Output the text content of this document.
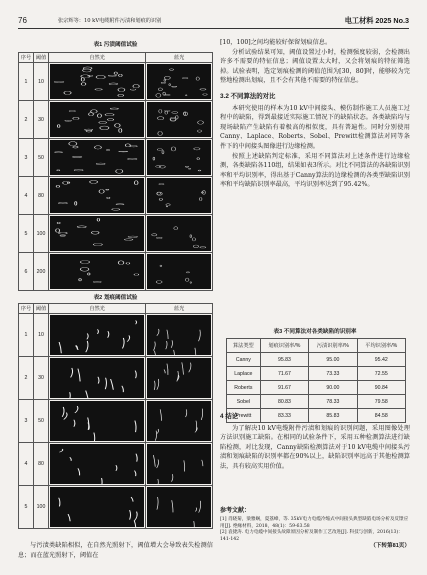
76	张宗辉等：10 kV电缆附件污渍和划痕的识别	电工材料 2025 No.3
表1 污渍阈值试验
序号	阈值	自然光	蓝光
1	10	

2	30	

3	50	

4	80	

5	100	

6	200	

表2 划痕阈值试验
序号	阈值	自然光	蓝光
1	10	

2	30	

3	50	

4	80	

5	100	

与污渍类缺陷相似，在自然光照射下，阈值增大会导致表失检测信息；而在蓝光照射下，阈值在

[10，100]之间均能较好保留划痕信息。

分析试验结果可知，阈值设置过小时，检测强度较弱，会检测出许多不需要的特征信息；阈值设置太大时，又会将划痕的特征筛选掉。试验表明，选定划痕检测的阈值范围为[30，80]时，能够较为完整地检测出划痕，且不会有其他不需要的特征信息。

3.2 不同算法的对比

本研究使用的样本为10 kV中间接头、模仿制作施工人员施工过程中的缺陷，得到最接近实际施工情况下的缺陷状态。各类缺陷均与现场缺陷产生缺陷有着极高的相似度，具有普遍性。同时分别使用Canny、Laplace、Roberts、Sobel、Prewitt检测算法对同等条件下的中间接头图像进行边缘检测。

按照上述缺陷判定标准，采用不同算法对上述条件进行边缘检测，各类缺陷各110组，结果如表3所示。对比不同算法的各缺陷识别率和平均识别率，得出基于Canny算法的边缘检测的各类型缺陷识别率和平均缺陷识别率最高，平均识别率达到了95.42%。

表3 不同算法对各类缺陷的识别率
算法类型	划痕识别率/%	污渍识别率/%	平均识别率/%
Canny	95.83	95.00	95.42
Laplace	71.67	73.33	72.55
Roberts	91.67	90.00	90.84
Sobel	80.83	78.33	79.58
Prewitt	83.33	85.83	84.58

4 结论

为了解决10 kV电缆附件污渍和划痕的识别问题，采用图像处理方法识别施工缺陷。在相同的试验条件下，采用五种检测算法进行缺陷检测，对比发现，Canny缺陷检测算法对于10 kV电缆中间接头污渍和划痕缺陷的识别率都在90%以上，缺陷识别率远高于其他检测算法，具有较高实用价值。

参考文献：
[1] 肖晓菊，梁雅娴，夏荔峰，等. 35kV电力电缆冷缩式中间接头典型缺陷电场分析及反馈应用[J]. 绝缘材料，2018，48(1)：59-63.58
[2] 袁捷涛. 电力电缆中间接头故障原因分析及制作工艺改进[J]. 科技与创新，2016(13)：141-142
（下转第81页）
